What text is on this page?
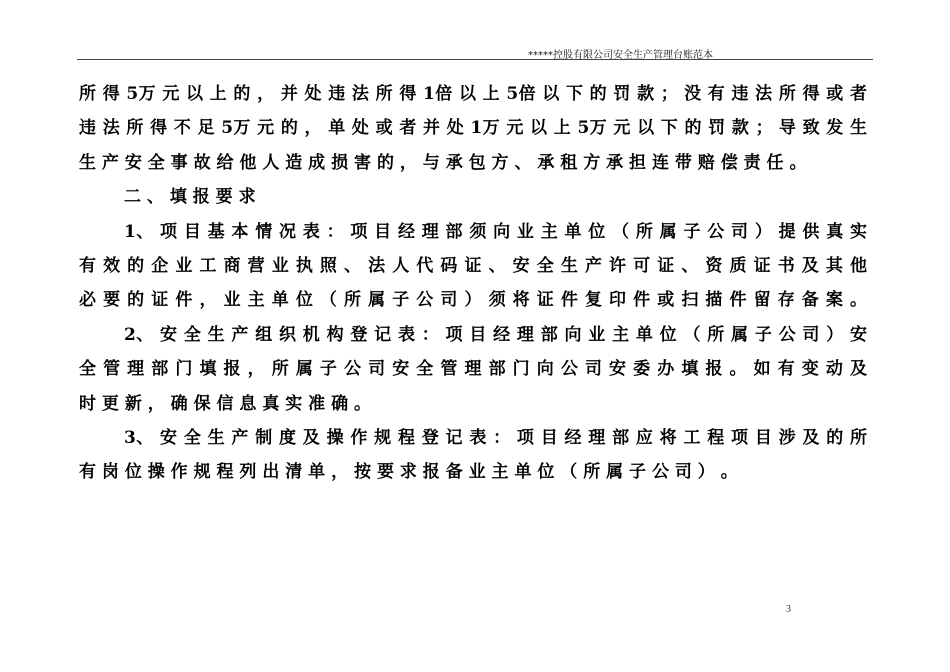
*****控股有限公司安全生产管理台账范本
所 得 5万 元 以 上 的 ， 并 处 违 法 所 得 1倍 以 上 5倍 以 下 的 罚 款 ； 没 有 违 法 所 得 或 者
违 法 所 得 不 足 5万 元 的 ， 单 处 或 者 并 处 1万 元 以 上 5万 元 以 下 的 罚 款 ； 导 致 发 生
生 产 安 全 事 故 给 他 人 造 成 损 害 的 ， 与 承 包 方 、 承 租 方 承 担 连 带 赔 偿 责 任 。
二 、 填 报 要 求
1、 项 目 基 本 情 况 表 ： 项 目 经 理 部 须 向 业 主 单 位 （ 所 属 子 公 司 ） 提 供 真 实
有 效 的 企 业 工 商 营 业 执 照 、 法 人 代 码 证 、 安 全 生 产 许 可 证 、 资 质 证 书 及 其 他
必 要 的 证 件 ， 业 主 单 位 （ 所 属 子 公 司 ） 须 将 证 件 复 印 件 或 扫 描 件 留 存 备 案 。
2、 安 全 生 产 组 织 机 构 登 记 表 ： 项 目 经 理 部 向 业 主 单 位 （ 所 属 子 公 司 ） 安
全 管 理 部 门 填 报 ， 所 属 子 公 司 安 全 管 理 部 门 向 公 司 安 委 办 填 报 。 如 有 变 动 及
时 更 新 ， 确 保 信 息 真 实 准 确 。
3、 安 全 生 产 制 度 及 操 作 规 程 登 记 表 ： 项 目 经 理 部 应 将 工 程 项 目 涉 及 的 所
有 岗 位 操 作 规 程 列 出 清 单 ， 按 要 求 报 备 业 主 单 位 （ 所 属 子 公 司 ） 。
3
